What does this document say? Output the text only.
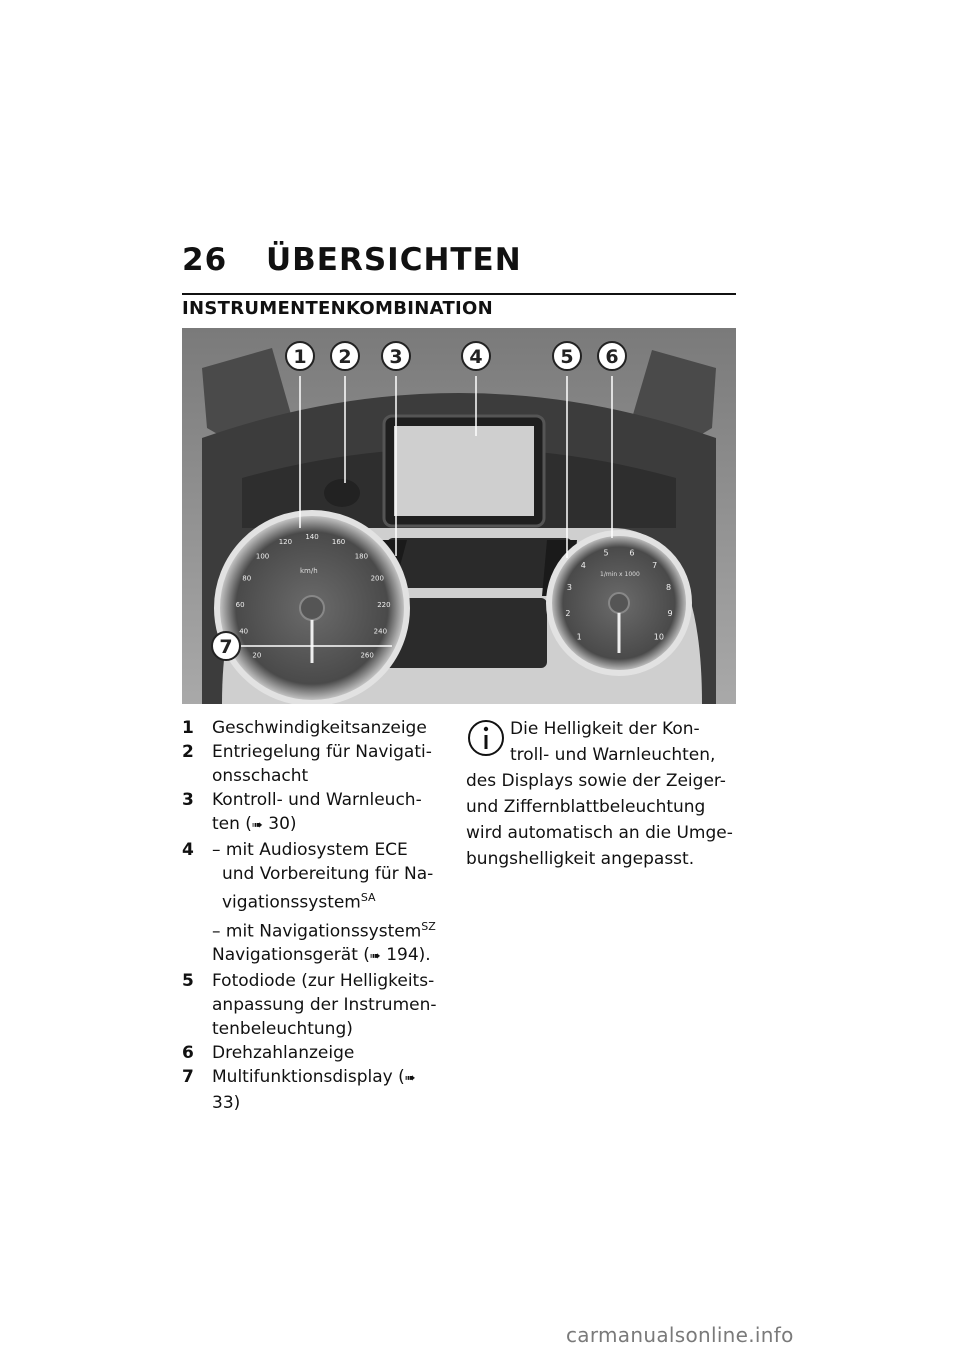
26 ÜBERSICHTEN
INSTRUMENTENKOMBINATION
20
40
60
80
100
120
140
160
180
200
220
240
260
1
2
3
4
5	6
7
8
9
10
km/h	1/min x 1000
1 2 3	4	5 6
7
1	Geschwindigkeitsanzeige
2	Entriegelung für Navigati-onsschacht
3	Kontroll- und Warnleuch-ten (➠ 30)
4	– mit Audiosystem ECE und Vorbereitung für Na-vigationssystem$^{SA}$
– mit Navigationssystem$^{SZ}$
Navigationsgerät (➠ 194).
5	Fotodiode (zur Helligkeits-anpassung der Instrumen-tenbeleuchtung)
6	Drehzahlanzeige
7	Multifunktionsdisplay (➠ 33)
Die Helligkeit der Kon-troll- und Warnleuchten,
des Displays sowie der Zeiger- und Ziffernblattbeleuchtung wird automatisch an die Umge-bungshelligkeit angepasst.
carmanualsonline.info
